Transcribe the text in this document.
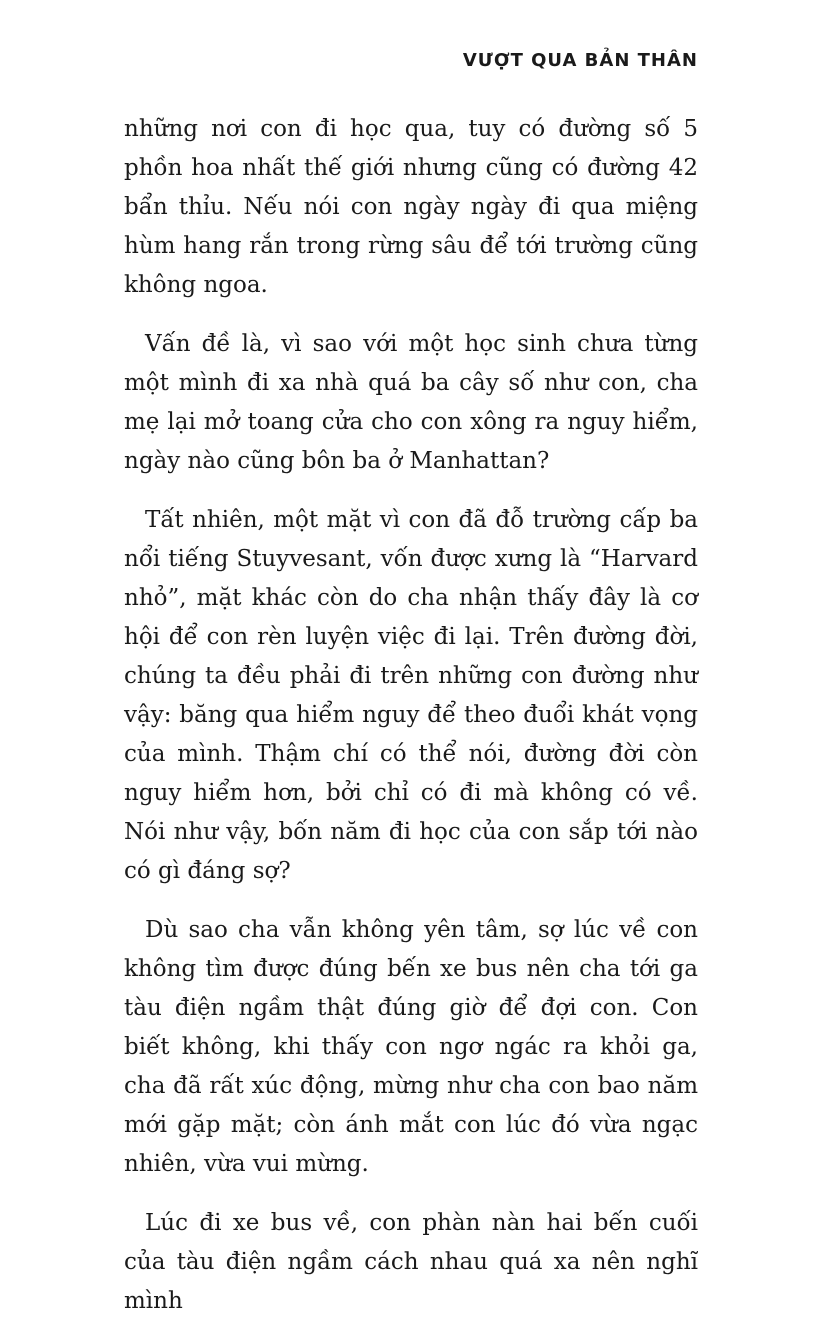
VƯỢT QUA BẢN THÂN

những nơi con đi học qua, tuy có đường số 5 phồn hoa nhất thế giới nhưng cũng có đường 42 bẩn thỉu. Nếu nói con ngày ngày đi qua miệng hùm hang rắn trong rừng sâu để tới trường cũng không ngoa.

Vấn đề là, vì sao với một học sinh chưa từng một mình đi xa nhà quá ba cây số như con, cha mẹ lại mở toang cửa cho con xông ra nguy hiểm, ngày nào cũng bôn ba ở Manhattan?

Tất nhiên, một mặt vì con đã đỗ trường cấp ba nổi tiếng Stuyvesant, vốn được xưng là “Harvard nhỏ”, mặt khác còn do cha nhận thấy đây là cơ hội để con rèn luyện việc đi lại. Trên đường đời, chúng ta đều phải đi trên những con đường như vậy: băng qua hiểm nguy để theo đuổi khát vọng của mình. Thậm chí có thể nói, đường đời còn nguy hiểm hơn, bởi chỉ có đi mà không có về. Nói như vậy, bốn năm đi học của con sắp tới nào có gì đáng sợ?

Dù sao cha vẫn không yên tâm, sợ lúc về con không tìm được đúng bến xe bus nên cha tới ga tàu điện ngầm thật đúng giờ để đợi con. Con biết không, khi thấy con ngơ ngác ra khỏi ga, cha đã rất xúc động, mừng như cha con bao năm mới gặp mặt; còn ánh mắt con lúc đó vừa ngạc nhiên, vừa vui mừng.

Lúc đi xe bus về, con phàn nàn hai bến cuối của tàu điện ngầm cách nhau quá xa nên nghĩ mình
